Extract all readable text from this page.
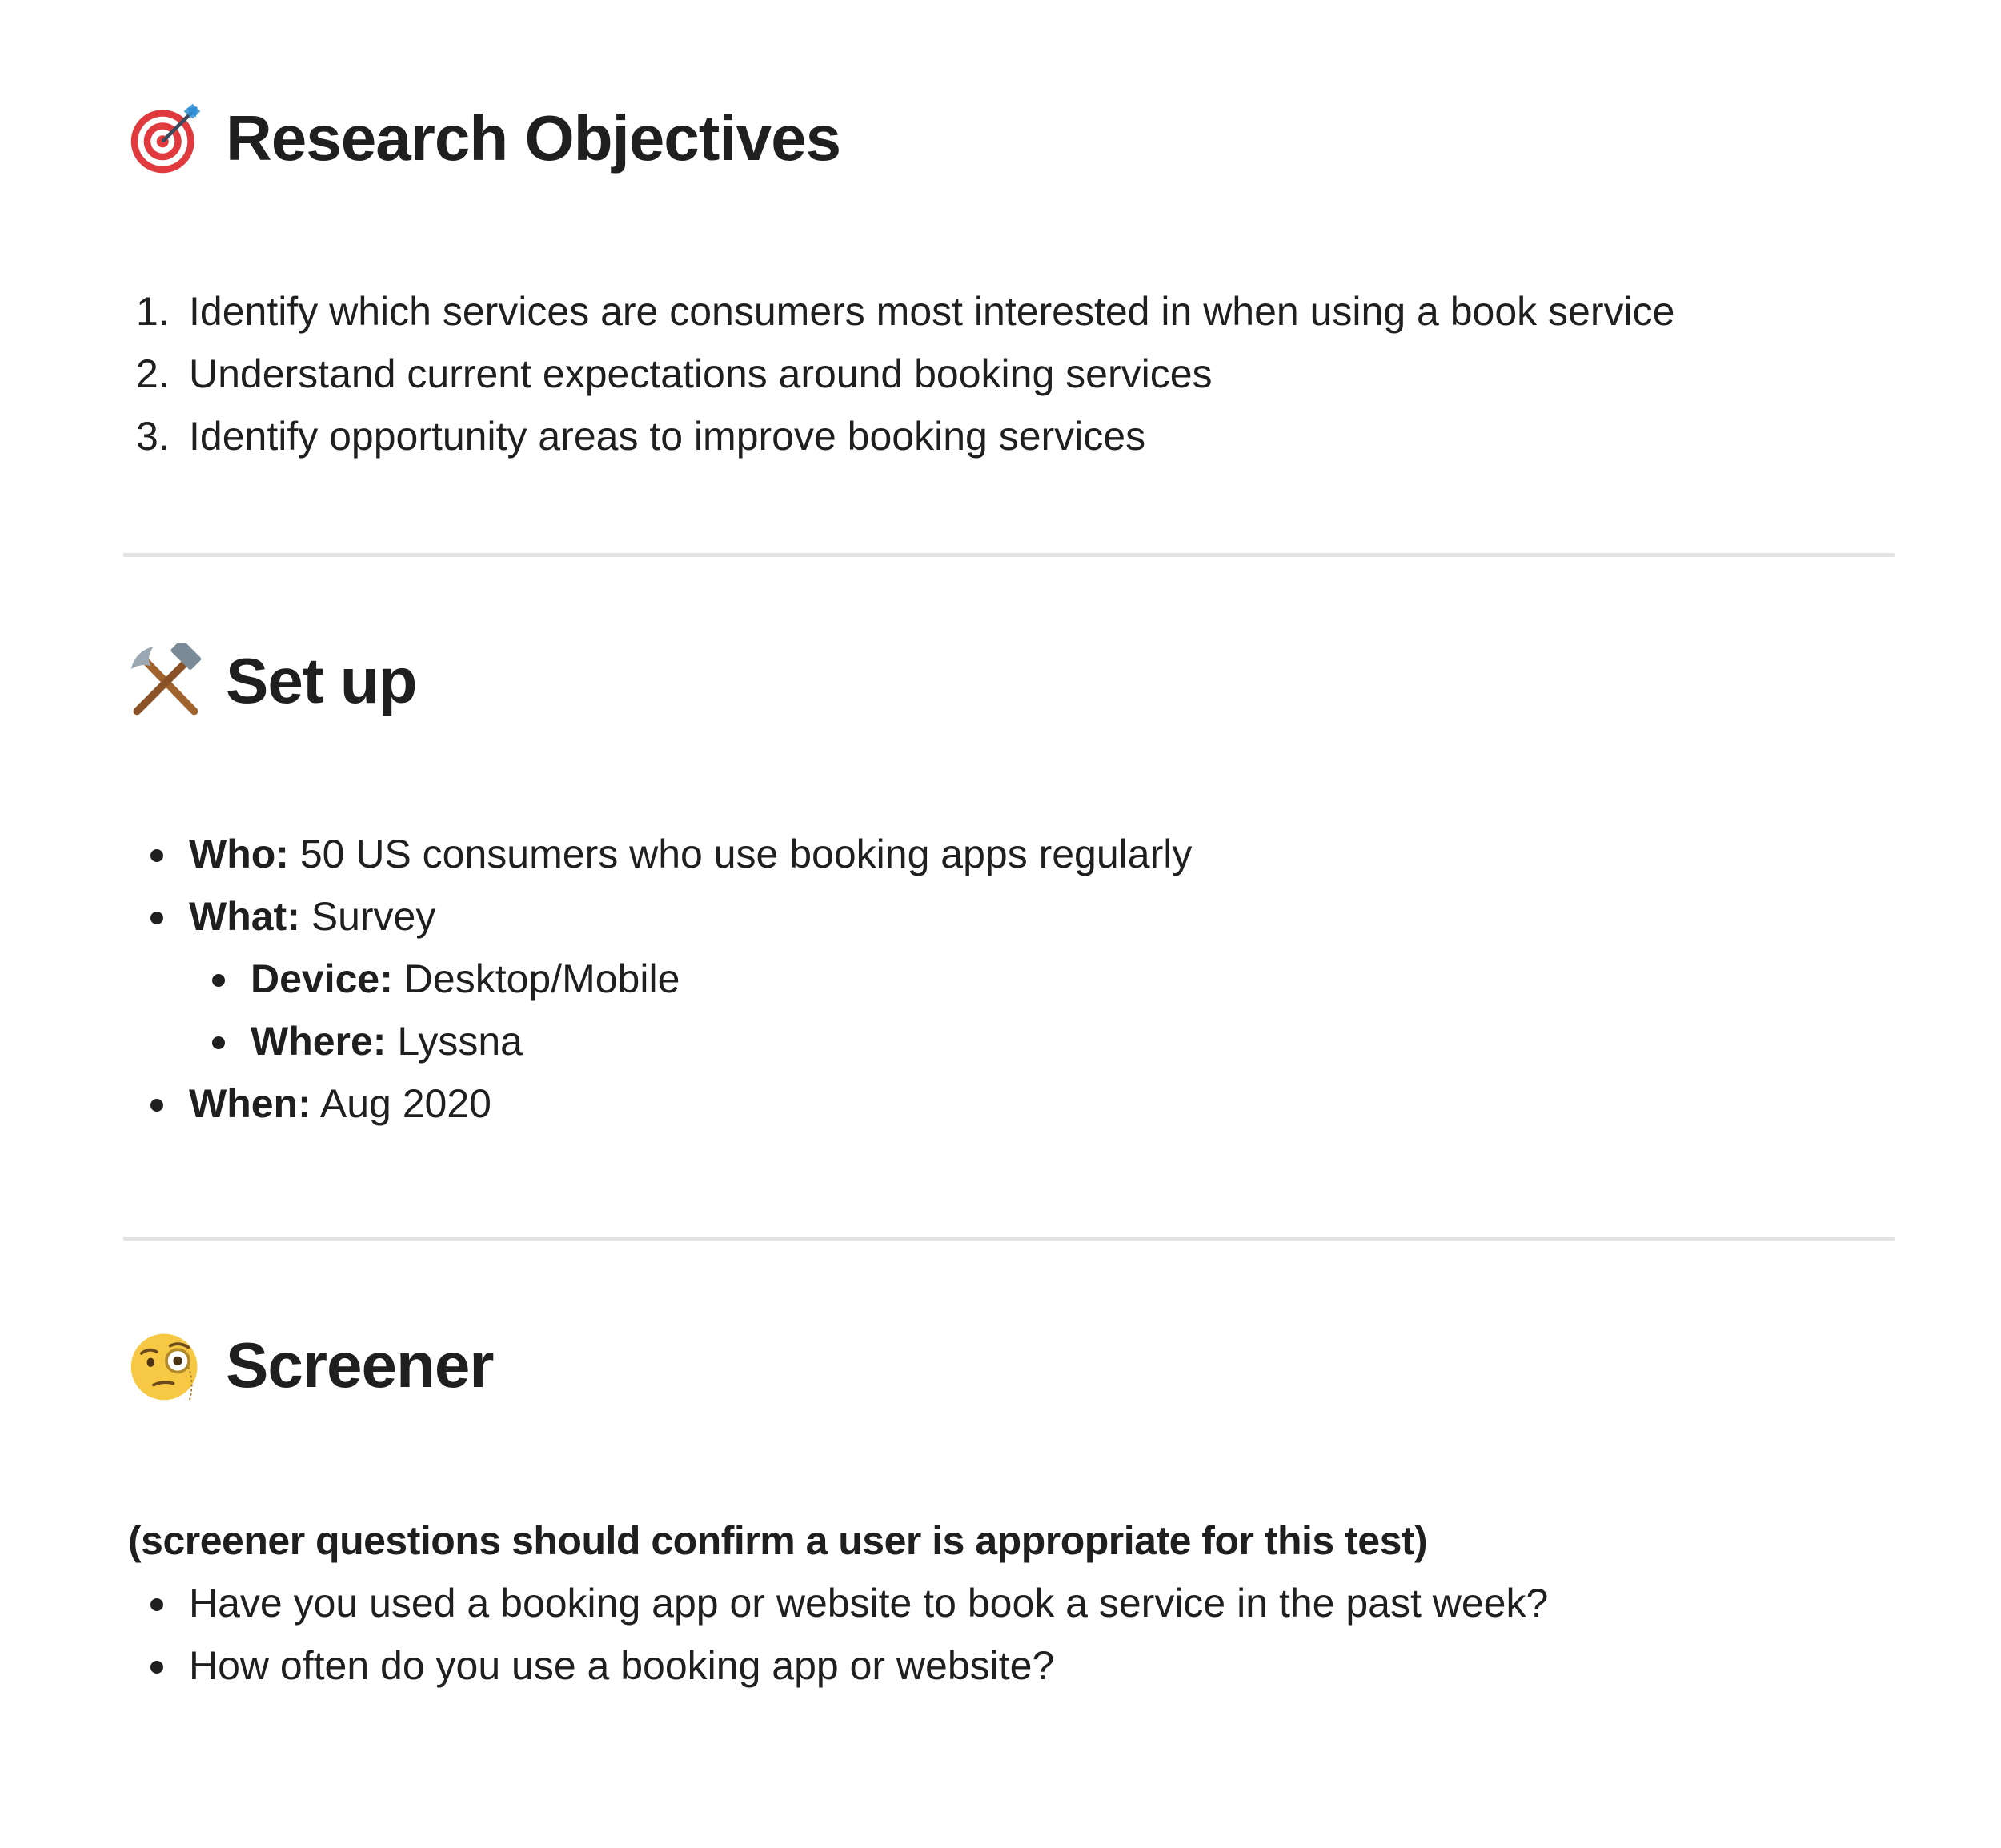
Research Objectives
1. Identify which services are consumers most interested in when using a book service
2. Understand current expectations around booking services
3. Identify opportunity areas to improve booking services
Set up
Who: 50 US consumers who use booking apps regularly
What: Survey
Device: Desktop/Mobile
Where: Lyssna
When: Aug 2020
Screener

(screener questions should confirm a user is appropriate for this test)

Have you used a booking app or website to book a service in the past week?
How often do you use a booking app or website?
